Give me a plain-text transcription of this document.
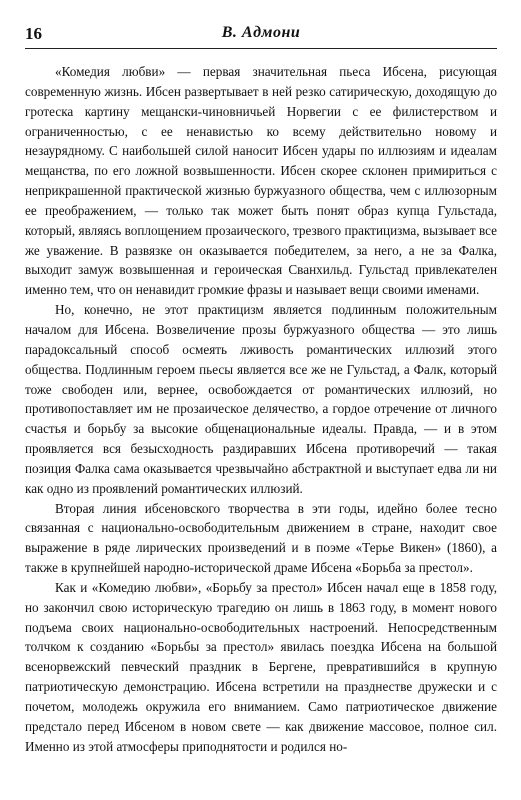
16	В. Адмони

«Комедия любви» — первая значительная пьеса Ибсена, рисующая современную жизнь. Ибсен развертывает в ней резко сатирическую, доходящую до гротеска картину мещански-чиновничьей Норвегии с ее филистерством и ограниченностью, с ее ненавистью ко всему действительно новому и незаурядному. С наибольшей силой наносит Ибсен удары по иллюзиям и идеалам мещанства, по его ложной возвышенности. Ибсен скорее склонен примириться с неприкрашенной практической жизнью буржуазного общества, чем с иллюзорным ее преображением, — только так может быть понят образ купца Гульстада, который, являясь воплощением прозаического, трезвого практицизма, вызывает все же уважение. В развязке он оказывается победителем, за него, а не за Фалка, выходит замуж возвышенная и героическая Сванхильд. Гульстад привлекателен именно тем, что он ненавидит громкие фразы и называет вещи своими именами.

Но, конечно, не этот практицизм является подлинным положительным началом для Ибсена. Возвеличение прозы буржуазного общества — это лишь парадоксальный способ осмеять лживость романтических иллюзий этого общества. Подлинным героем пьесы является все же не Гульстад, а Фалк, который тоже свободен или, вернее, освобождается от романтических иллюзий, но противопоставляет им не прозаическое делячество, а гордое отречение от личного счастья и борьбу за высокие общенациональные идеалы. Правда, — и в этом проявляется вся безысходность раздиравших Ибсена противоречий — такая позиция Фалка сама оказывается чрезвычайно абстрактной и выступает едва ли ни как одно из проявлений романтических иллюзий.

Вторая линия ибсеновского творчества в эти годы, идейно более тесно связанная с национально-освободительным движением в стране, находит свое выражение в ряде лирических произведений и в поэме «Терье Викен» (1860), а также в крупнейшей народно-исторической драме Ибсена «Борьба за престол».

Как и «Комедию любви», «Борьбу за престол» Ибсен начал еще в 1858 году, но закончил свою историческую трагедию он лишь в 1863 году, в момент нового подъема своих национально-освободительных настроений. Непосредственным толчком к созданию «Борьбы за престол» явилась поездка Ибсена на большой всенорвежский певческий праздник в Бергене, превратившийся в крупную патриотическую демонстрацию. Ибсена встретили на празднестве дружески и с почетом, молодежь окружила его вниманием. Само патриотическое движение предстало перед Ибсеном в новом свете — как движение массовое, полное сил. Именно из этой атмосферы приподнятости и родился но-
